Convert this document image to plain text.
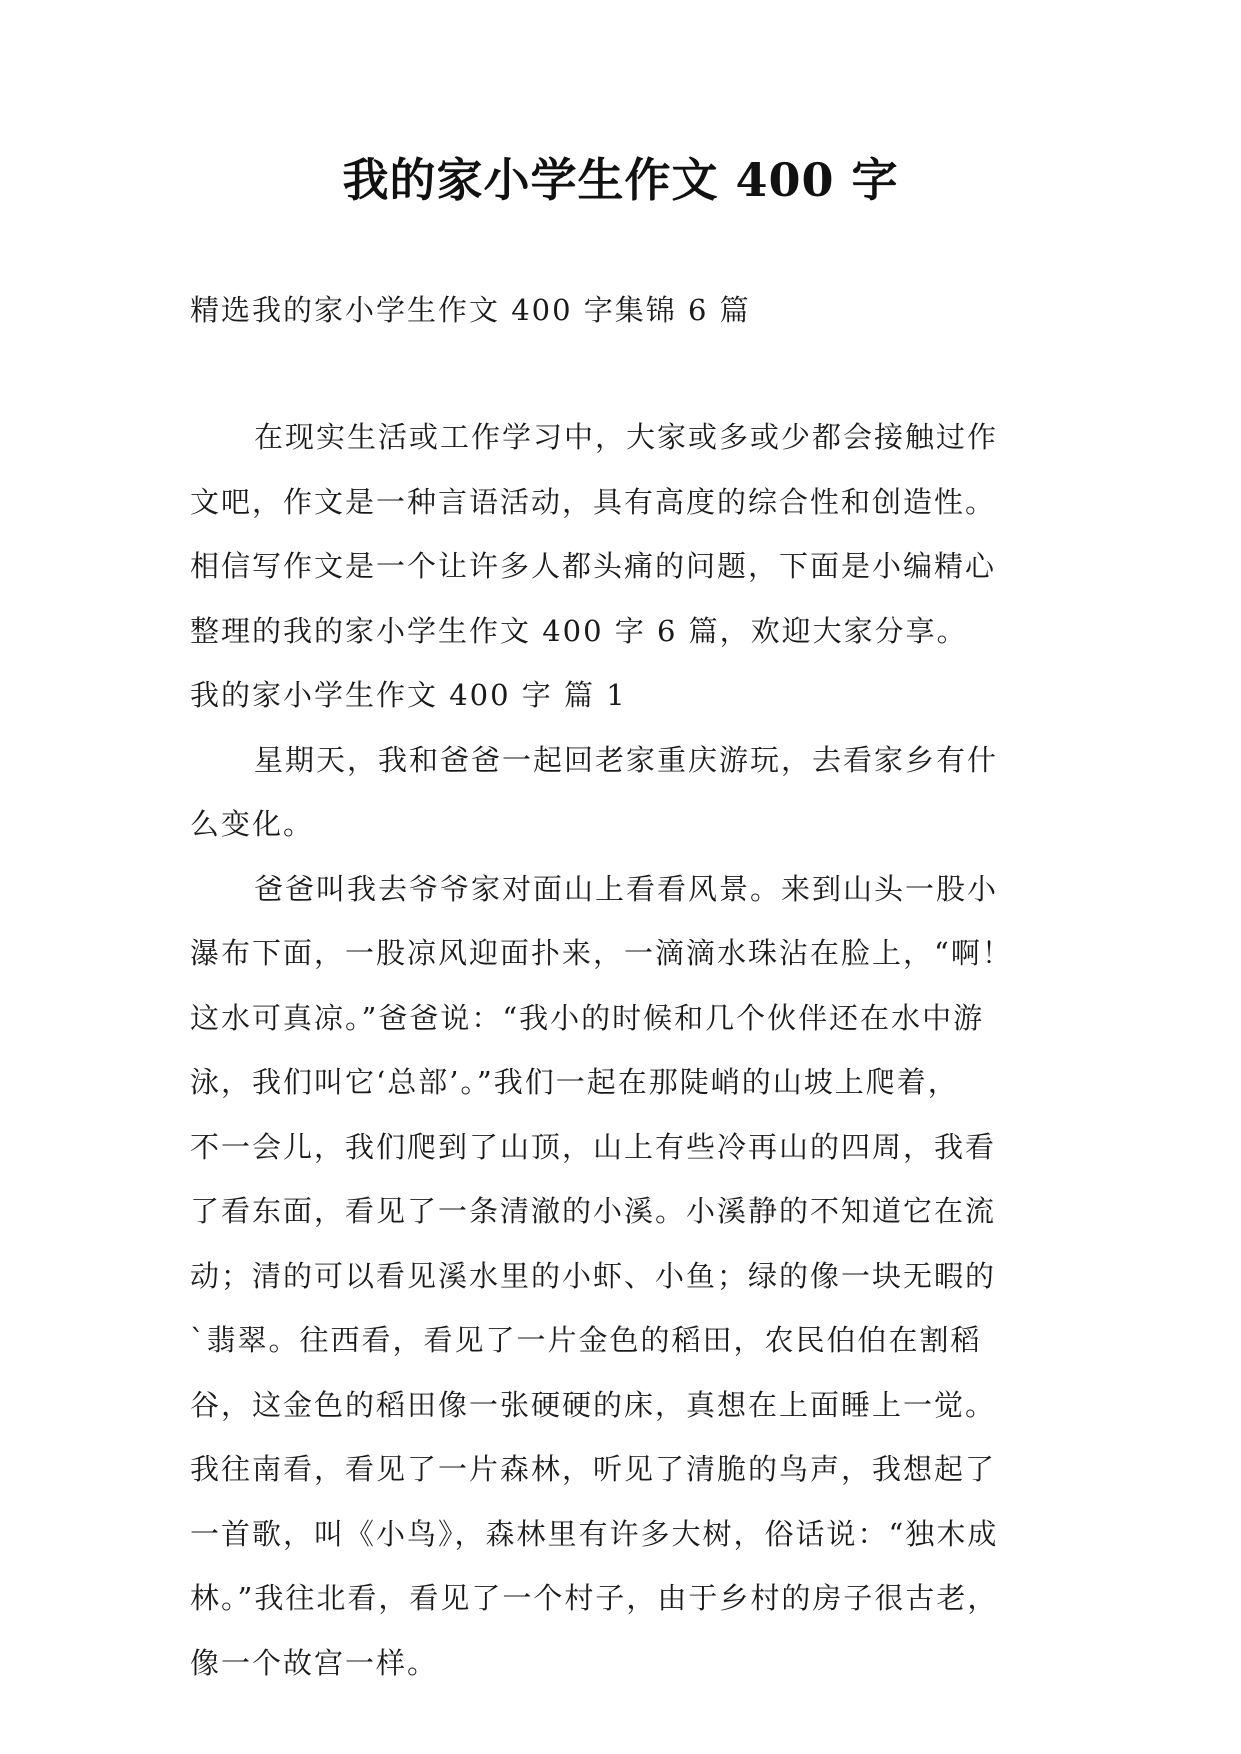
我的家小学生作文 400 字
精选我的家小学生作文 400 字集锦 6 篇
在现实生活或工作学习中，大家或多或少都会接触过作
文吧，作文是一种言语活动，具有高度的综合性和创造性。
相信写作文是一个让许多人都头痛的问题，下面是小编精心
整理的我的家小学生作文 400 字 6 篇，欢迎大家分享。
我的家小学生作文 400 字 篇 1
星期天，我和爸爸一起回老家重庆游玩，去看家乡有什
么变化。
爸爸叫我去爷爷家对面山上看看风景。来到山头一股小
瀑布下面，一股凉风迎面扑来，一滴滴水珠沾在脸上，“啊！
这水可真凉。”爸爸说：“我小的时候和几个伙伴还在水中游
泳，我们叫它‘总部’。”我们一起在那陡峭的山坡上爬着，
不一会儿，我们爬到了山顶，山上有些冷再山的四周，我看
了看东面，看见了一条清澈的小溪。小溪静的不知道它在流
动；清的可以看见溪水里的小虾、小鱼；绿的像一块无暇的
`翡翠。往西看，看见了一片金色的稻田，农民伯伯在割稻
谷，这金色的稻田像一张硬硬的床，真想在上面睡上一觉。
我往南看，看见了一片森林，听见了清脆的鸟声，我想起了
一首歌，叫《小鸟》，森林里有许多大树，俗话说：“独木成
林。”我往北看，看见了一个村子，由于乡村的房子很古老，
像一个故宫一样。
